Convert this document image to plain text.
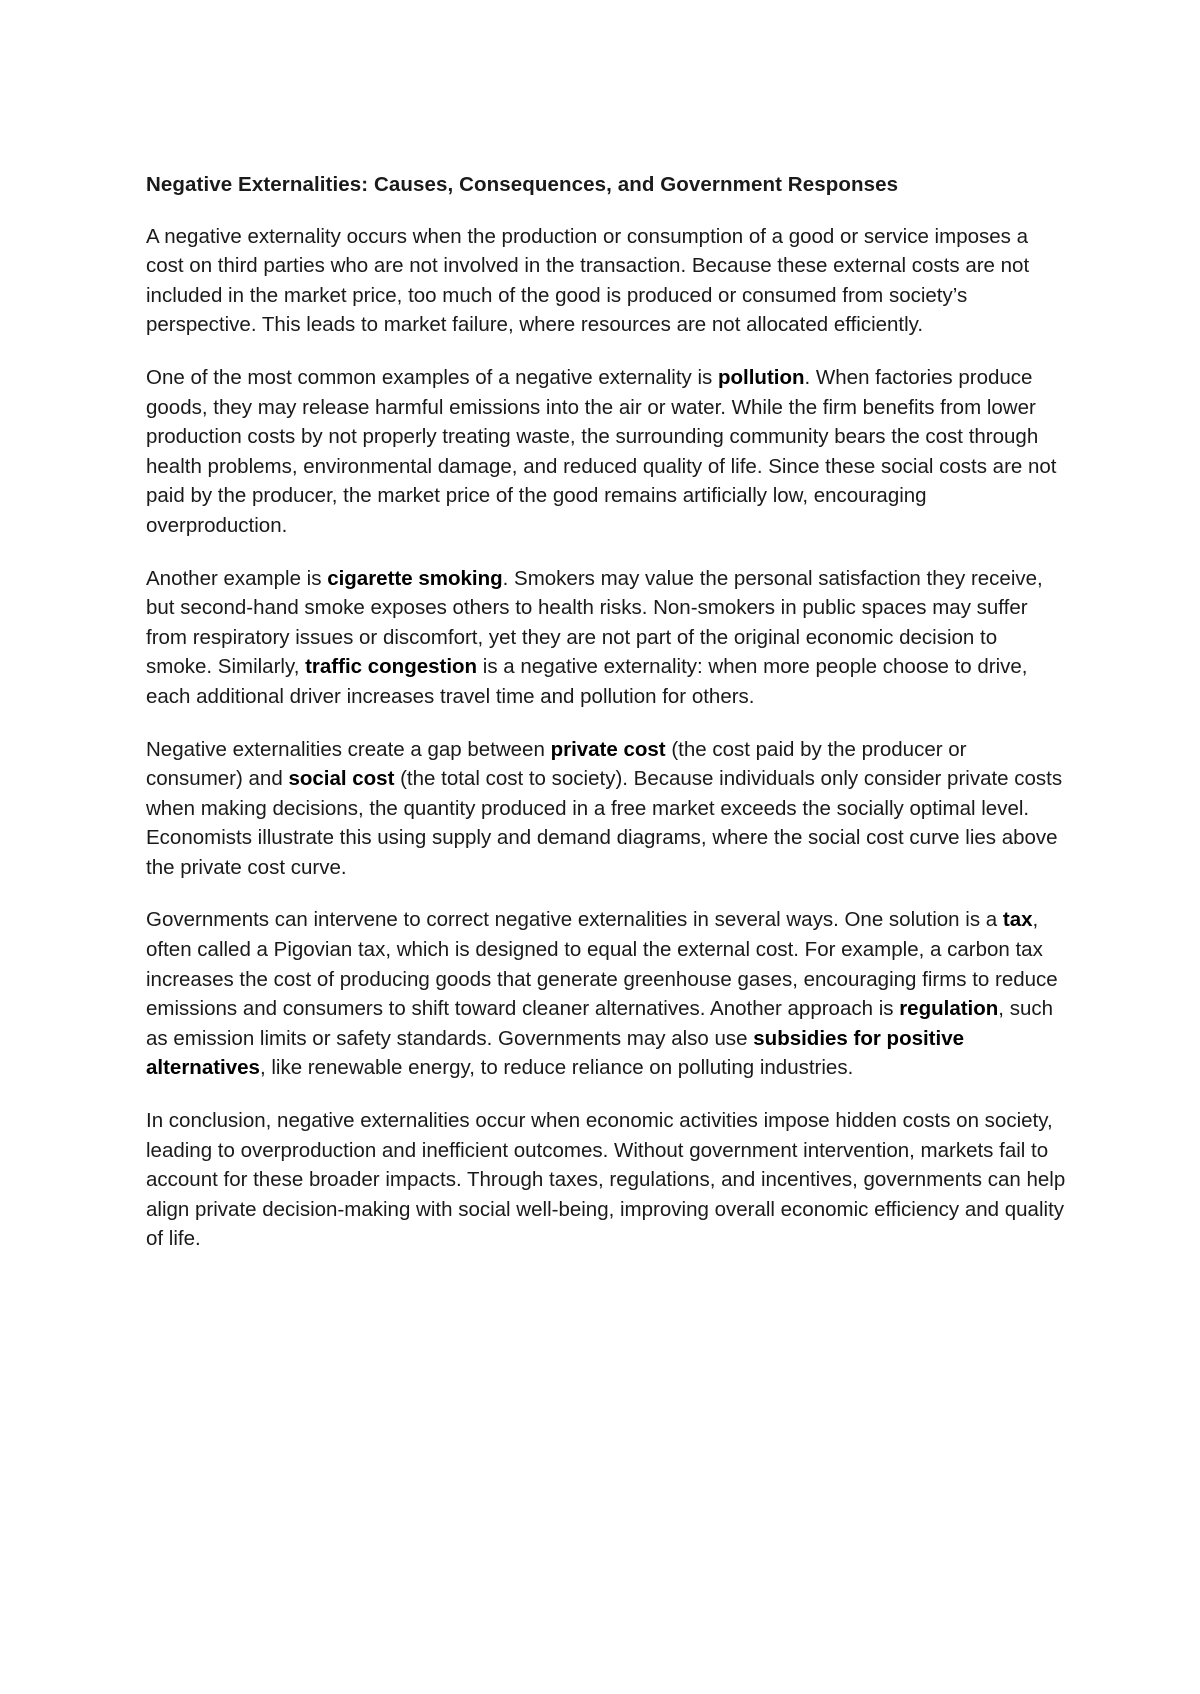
Negative Externalities: Causes, Consequences, and Government Responses

A negative externality occurs when the production or consumption of a good or service imposes a cost on third parties who are not involved in the transaction. Because these external costs are not included in the market price, too much of the good is produced or consumed from society’s perspective. This leads to market failure, where resources are not allocated efficiently.

One of the most common examples of a negative externality is pollution. When factories produce goods, they may release harmful emissions into the air or water. While the firm benefits from lower production costs by not properly treating waste, the surrounding community bears the cost through health problems, environmental damage, and reduced quality of life. Since these social costs are not paid by the producer, the market price of the good remains artificially low, encouraging overproduction.

Another example is cigarette smoking. Smokers may value the personal satisfaction they receive, but second-hand smoke exposes others to health risks. Non-smokers in public spaces may suffer from respiratory issues or discomfort, yet they are not part of the original economic decision to smoke. Similarly, traffic congestion is a negative externality: when more people choose to drive, each additional driver increases travel time and pollution for others.

Negative externalities create a gap between private cost (the cost paid by the producer or consumer) and social cost (the total cost to society). Because individuals only consider private costs when making decisions, the quantity produced in a free market exceeds the socially optimal level. Economists illustrate this using supply and demand diagrams, where the social cost curve lies above the private cost curve.

Governments can intervene to correct negative externalities in several ways. One solution is a tax, often called a Pigovian tax, which is designed to equal the external cost. For example, a carbon tax increases the cost of producing goods that generate greenhouse gases, encouraging firms to reduce emissions and consumers to shift toward cleaner alternatives. Another approach is regulation, such as emission limits or safety standards. Governments may also use subsidies for positive alternatives, like renewable energy, to reduce reliance on polluting industries.

In conclusion, negative externalities occur when economic activities impose hidden costs on society, leading to overproduction and inefficient outcomes. Without government intervention, markets fail to account for these broader impacts. Through taxes, regulations, and incentives, governments can help align private decision-making with social well-being, improving overall economic efficiency and quality of life.
